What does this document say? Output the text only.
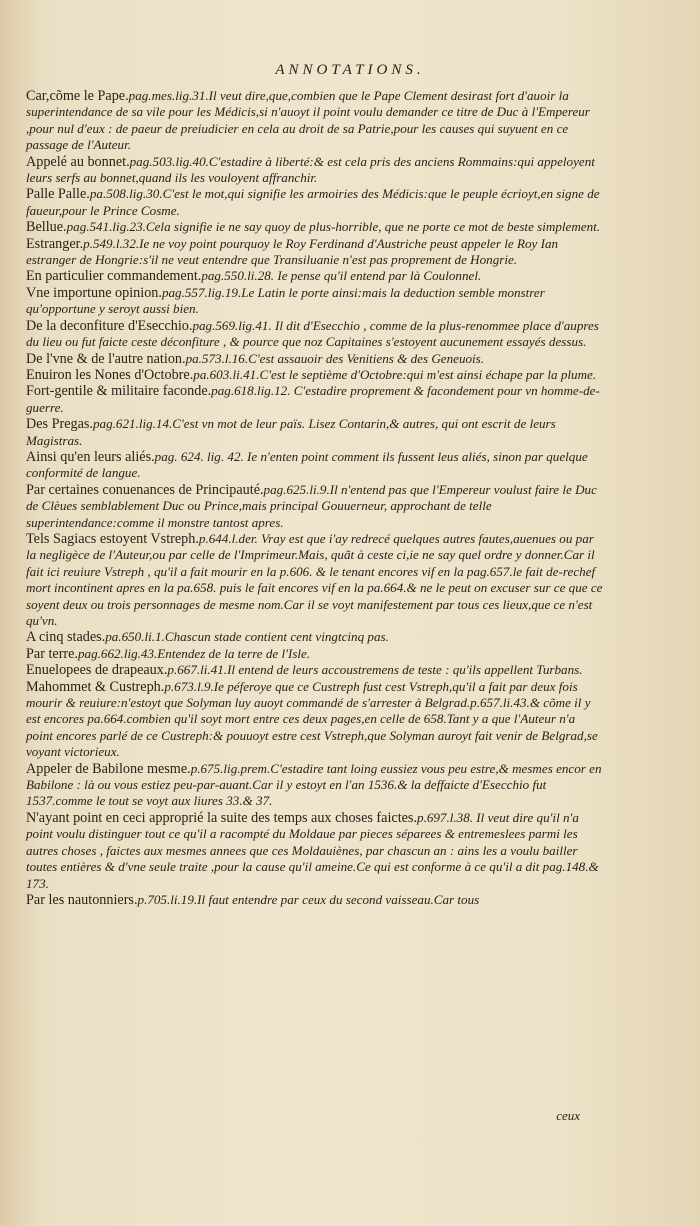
ANNOTATIONS.

Car,cõme le Pape.pag.mes.lig.31.Il veut dire,que,combien que le Pape Clement desirast fort d'auoir la superintendance de sa vile pour les Médicis,si n'auoyt il point voulu demander ce titre de Duc à l'Empereur ,pour nul d'eux : de paeur de preiudicier en cela au droit de sa Patrie,pour les causes qui suyuent en ce passage de l'Auteur.

Appelé au bonnet.pag.503.lig.40.C'estadire à liberté:& est cela pris des anciens Rommains:qui appeloyent leurs serfs au bonnet,quand ils les vouloyent affranchir.

Palle Palle.pa.508.lig.30.C'est le mot,qui signifie les armoiries des Médicis:que le peuple écrioyt,en signe de faueur,pour le Prince Cosme.

Bellue.pag.541.lig.23.Cela signifie ie ne say quoy de plus-horrible, que ne porte ce mot de beste simplement.

Estranger.p.549.l.32.Ie ne voy point pourquoy le Roy Ferdinand d'Austriche peust appeler le Roy Ian estranger de Hongrie:s'il ne veut entendre que Transiluanie n'est pas proprement de Hongrie.

En particulier commandement.pag.550.li.28. Ie pense qu'il entend par là Coulonnel.

Vne importune opinion.pag.557.lig.19.Le Latin le porte ainsi:mais la deduction semble monstrer qu'opportune y seroyt aussi bien.

De la deconfiture d'Esecchio.pag.569.lig.41. Il dit d'Esecchio , comme de la plus-renommee place d'aupres du lieu ou fut faicte ceste déconfiture , & pource que noz Capitaines s'estoyent aucunement essayés dessus.

De l'vne & de l'autre nation.pa.573.l.16.C'est assauoir des Venitiens & des Geneuois.

Enuiron les Nones d'Octobre.pa.603.li.41.C'est le septième d'Octobre:qui m'est ainsi échape par la plume.

Fort-gentile & militaire faconde.pag.618.lig.12. C'estadire proprement & facondement pour vn homme-de-guerre.

Des Pregas.pag.621.lig.14.C'est vn mot de leur païs. Lisez Contarin,& autres, qui ont escrit de leurs Magistras.

Ainsi qu'en leurs aliés.pag. 624. lig. 42. Ie n'enten point comment ils fussent leus aliés, sinon par quelque conformité de langue.

Par certaines conuenances de Principauté.pag.625.li.9.Il n'entend pas que l'Empereur voulust faire le Duc de Clèues semblablement Duc ou Prince,mais principal Gouuerneur, approchant de telle superintendance:comme il monstre tantost apres.

Tels Sagiacs estoyent Vstreph.p.644.l.der. Vray est que i'ay redrecé quelques autres fautes,auenues ou par la negligèce de l'Auteur,ou par celle de l'Imprimeur.Mais, quãt à ceste ci,ie ne say quel ordre y donner.Car il fait ici reuiure Vstreph , qu'il a fait mourir en la p.606. & le tenant encores vif en la pag.657.le fait de-rechef mort incontinent apres en la pa.658. puis le fait encores vif en la pa.664.& ne le peut on excuser sur ce que ce soyent deux ou trois personnages de mesme nom.Car il se voyt manifestement par tous ces lieux,que ce n'est qu'vn.

A cinq stades.pa.650.li.1.Chascun stade contient cent vingtcinq pas.

Par terre.pag.662.lig.43.Entendez de la terre de l'Isle.

Enuelopees de drapeaux.p.667.li.41.Il entend de leurs accoustremens de teste : qu'ils appellent Turbans.

Mahommet & Custreph.p.673.l.9.Ie péferoye que ce Custreph fust cest Vstreph,qu'il a fait par deux fois mourir & reuiure:n'estoyt que Solyman luy auoyt commandé de s'arrester à Belgrad.p.657.li.43.& cõme il y est encores pa.664.combien qu'il soyt mort entre ces deux pages,en celle de 658.Tant y a que l'Auteur n'a point encores parlé de ce Custreph:& pouuoyt estre cest Vstreph,que Solyman auroyt fait venir de Belgrad,se voyant victorieux.

Appeler de Babilone mesme.p.675.lig.prem.C'estadire tant loing eussiez vous peu estre,& mesmes encor en Babilone : là ou vous estiez peu-par-auant.Car il y estoyt en l'an 1536.& la deffaicte d'Esecchio fut 1537.comme le tout se voyt aux liures 33.& 37.

N'ayant point en ceci approprié la suite des temps aux choses faictes.p.697.l.38. Il veut dire qu'il n'a point voulu distinguer tout ce qu'il a racompté du Moldaue par pieces séparees & entremeslees parmi les autres choses , faictes aux mesmes annees que ces Moldauiènes, par chascun an : ains les a voulu bailler toutes entières & d'vne seule traite ,pour la cause qu'il ameine.Ce qui est conforme à ce qu'il a dit pag.148.& 173.

Par les nautonniers.p.705.li.19.Il faut entendre par ceux du second vaisseau.Car tous

ceux
